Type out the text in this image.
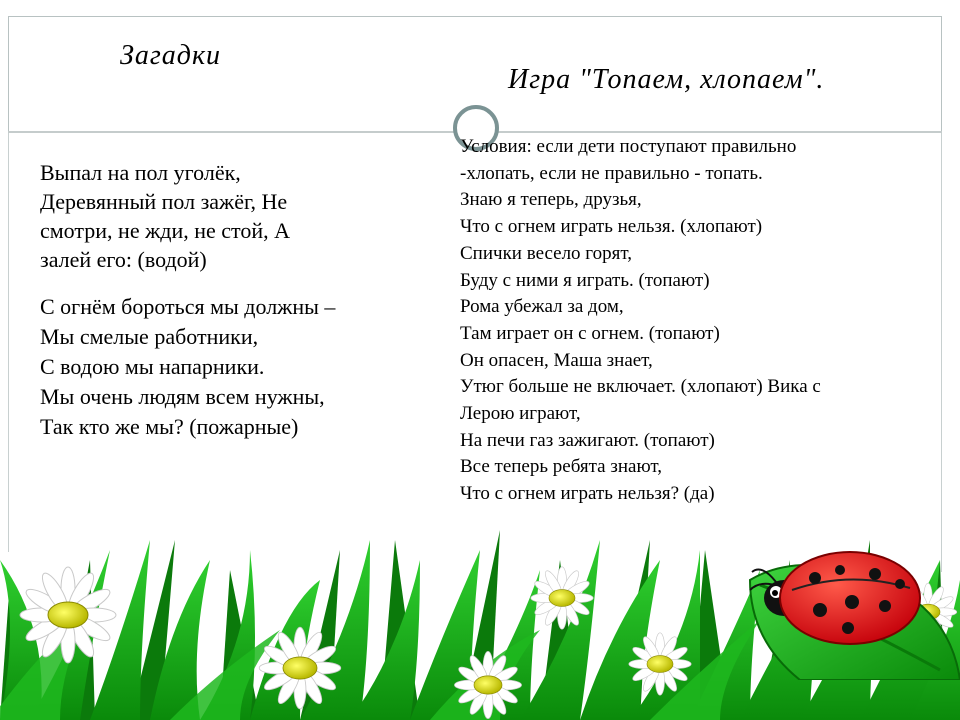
Загадки
Игра "Топаем, хлопаем".
Выпал на пол уголёк,
Деревянный пол зажёг, Не
смотри, не жди, не стой, А
залей его: (водой)
С огнём бороться мы должны –
Мы смелые работники,
С водою мы напарники.
Мы очень людям всем нужны,
Так кто же мы? (пожарные)
Условия: если дети поступают правильно
-хлопать, если не правильно - топать.
Знаю я теперь, друзья,
Что с огнем играть нельзя. (хлопают)
Спички весело горят,
Буду с ними я играть. (топают)
Рома убежал за дом,
Там играет он с огнем. (топают)
Он опасен, Маша знает,
Утюг больше не включает. (хлопают) Вика с
Лерою играют,
На печи газ зажигают. (топают)
Все теперь ребята знают,
Что с огнем играть нельзя? (да)
